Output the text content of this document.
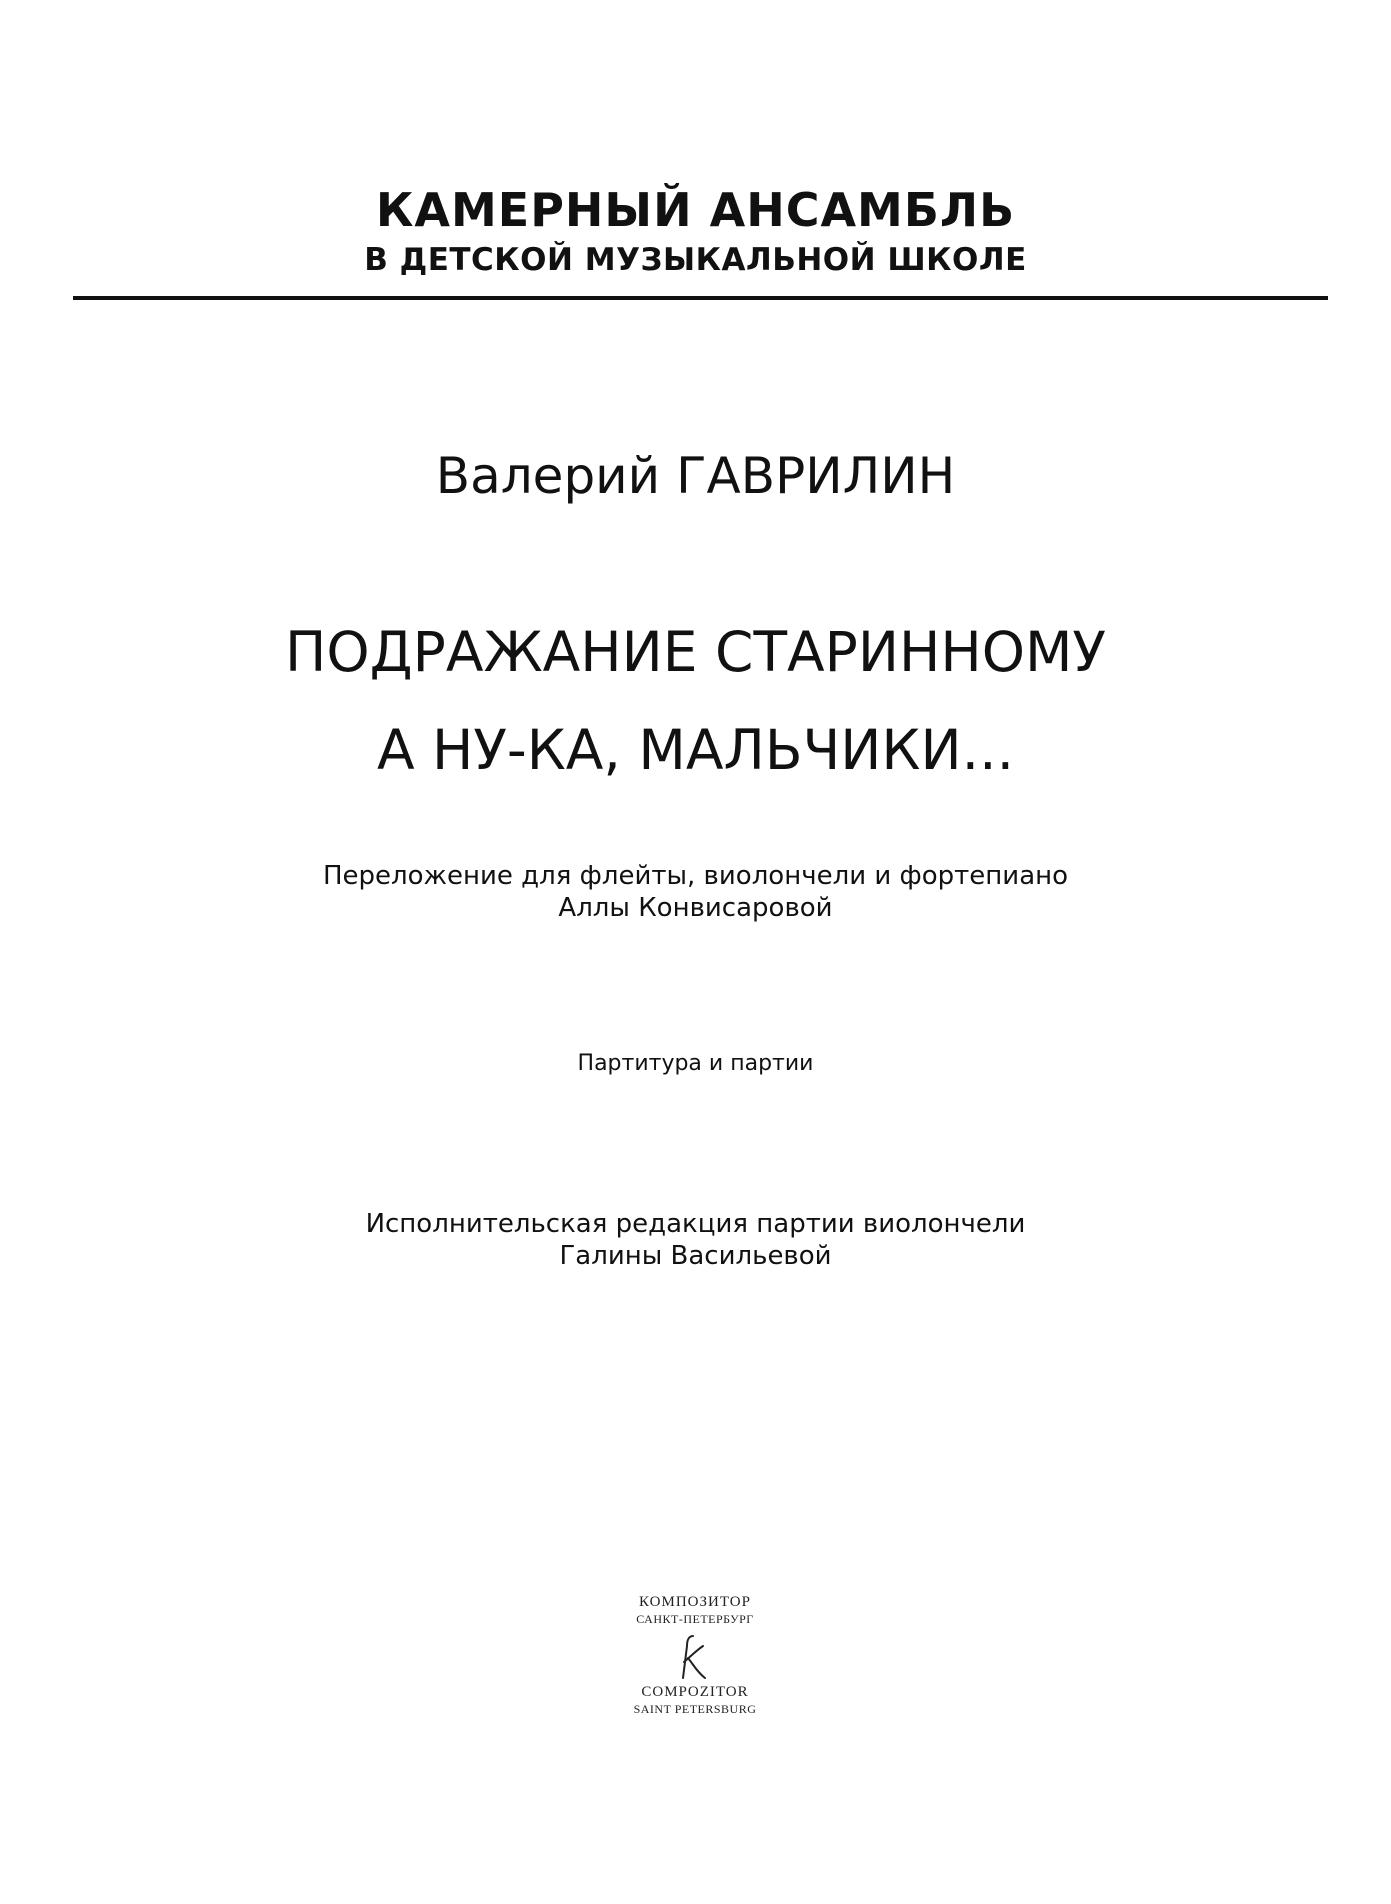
КАМЕРНЫЙ АНСАМБЛЬ
В ДЕТСКОЙ МУЗЫКАЛЬНОЙ ШКОЛЕ
Валерий ГАВРИЛИН
ПОДРАЖАНИЕ СТАРИННОМУ
А НУ-КА, МАЛЬЧИКИ...
Переложение для флейты, виолончели и фортепиано
Аллы Конвисаровой
Партитура и партии
Исполнительская редакция партии виолончели
Галины Васильевой
КОМПОЗИТОР
САНКТ-ПЕТЕРБУРГ
COMPOZITOR
SAINT PETERSBURG
